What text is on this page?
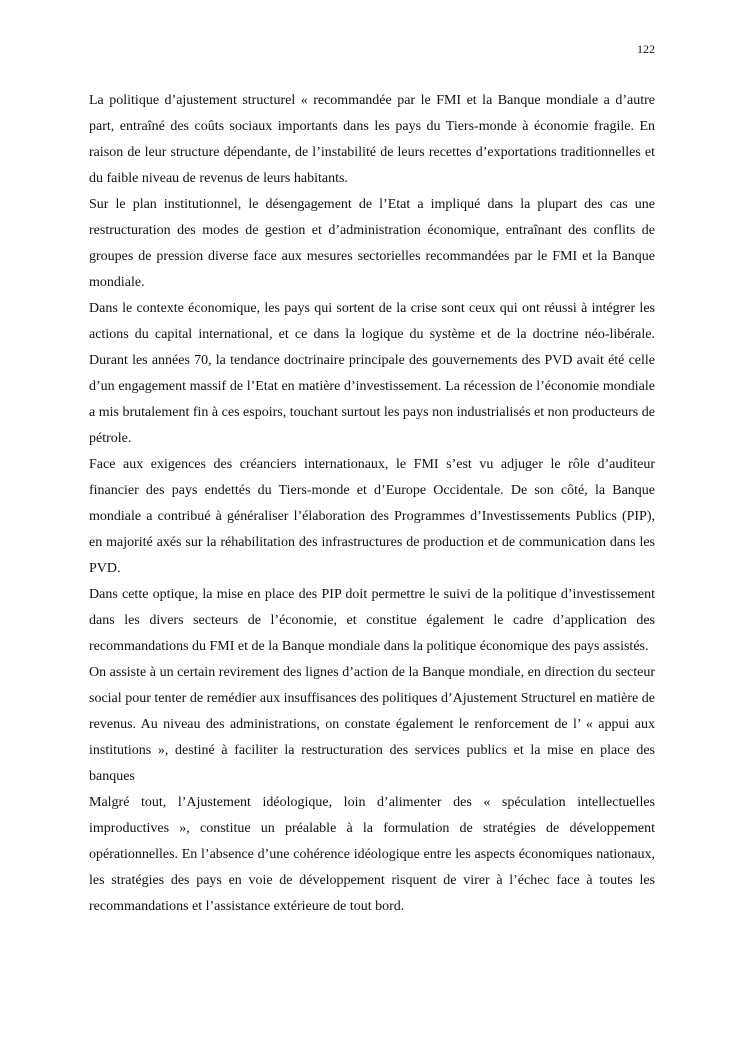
122

La politique d’ajustement structurel « recommandée par le FMI et la Banque mondiale a d’autre part, entraîné des coûts sociaux importants dans les pays du Tiers-monde à économie fragile. En raison de leur structure dépendante, de l’instabilité de leurs recettes d’exportations traditionnelles et du faible niveau de revenus de leurs habitants.

Sur le plan institutionnel, le désengagement de l’Etat a impliqué dans la plupart des cas une restructuration des modes de gestion et d’administration économique, entraînant des conflits de groupes de pression diverse face aux mesures sectorielles recommandées par le FMI et la Banque mondiale.

Dans le contexte économique, les pays qui sortent de la crise sont ceux qui ont réussi à intégrer les actions du capital international, et ce dans la logique du système et de la doctrine néo-libérale. Durant les années 70, la tendance doctrinaire principale des gouvernements des PVD avait été celle d’un engagement massif de l’Etat en matière d’investissement. La récession de l’économie mondiale a mis brutalement fin à ces espoirs, touchant surtout les pays non industrialisés et non producteurs de pétrole.

Face aux exigences des créanciers internationaux, le FMI s’est vu adjuger le rôle d’auditeur financier des pays endettés du Tiers-monde et d’Europe Occidentale. De son côté, la Banque mondiale a contribué à généraliser l’élaboration des Programmes d’Investissements Publics (PIP), en majorité axés sur la réhabilitation des infrastructures de production et de communication dans les PVD.

Dans cette optique, la mise en place des PIP doit permettre le suivi de la politique d’investissement dans les divers secteurs de l’économie, et constitue également le cadre d’application des recommandations du FMI et de la Banque mondiale dans la politique économique des pays assistés.

On assiste à un certain revirement des lignes d’action de la Banque mondiale, en direction du secteur social pour tenter de remédier aux insuffisances des politiques d’Ajustement Structurel en matière de revenus. Au niveau des administrations, on constate également le renforcement de l’ « appui aux institutions », destiné à faciliter la restructuration des services publics et la mise en place des banques

Malgré tout, l’Ajustement idéologique, loin d’alimenter des « spéculation intellectuelles improductives », constitue un préalable à la formulation de stratégies de développement opérationnelles. En l’absence d’une cohérence idéologique entre les aspects économiques nationaux, les stratégies des pays en voie de développement risquent de virer à l’échec face à toutes les recommandations et l’assistance extérieure de tout bord.
